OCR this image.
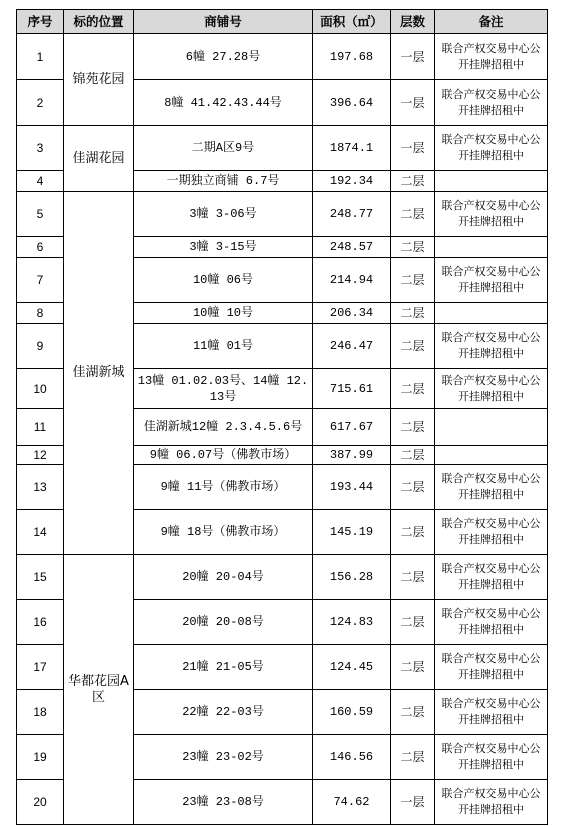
序号	标的位置	商铺号	面积（㎡）	层数	备注
1	锦苑花园	6幢 27.28号	197.68	一层	联合产权交易中心公开挂牌招租中
2		8幢 41.42.43.44号	396.64	一层	联合产权交易中心公开挂牌招租中
3	佳湖花园	二期A区9号	1874.1	一层	联合产权交易中心公开挂牌招租中
4		一期独立商铺 6.7号	192.34	二层	
5	佳湖新城	3幢 3-06号	248.77	二层	联合产权交易中心公开挂牌招租中
6		3幢 3-15号	248.57	二层	
7		10幢 06号	214.94	二层	联合产权交易中心公开挂牌招租中
8		10幢 10号	206.34	二层	
9		11幢 01号	246.47	二层	联合产权交易中心公开挂牌招租中
10		13幢 01.02.03号、14幢 12.13号	715.61	二层	联合产权交易中心公开挂牌招租中
11		佳湖新城12幢 2.3.4.5.6号	617.67	二层	
12		9幢 06.07号（佛教市场）	387.99	二层	
13		9幢 11号（佛教市场）	193.44	二层	联合产权交易中心公开挂牌招租中
14		9幢 18号（佛教市场）	145.19	二层	联合产权交易中心公开挂牌招租中
15	华都花园A区	20幢 20-04号	156.28	二层	联合产权交易中心公开挂牌招租中
16		20幢 20-08号	124.83	二层	联合产权交易中心公开挂牌招租中
17		21幢 21-05号	124.45	二层	联合产权交易中心公开挂牌招租中
18		22幢 22-03号	160.59	二层	联合产权交易中心公开挂牌招租中
19		23幢 23-02号	146.56	二层	联合产权交易中心公开挂牌招租中
20		23幢 23-08号	74.62	一层	联合产权交易中心公开挂牌招租中
